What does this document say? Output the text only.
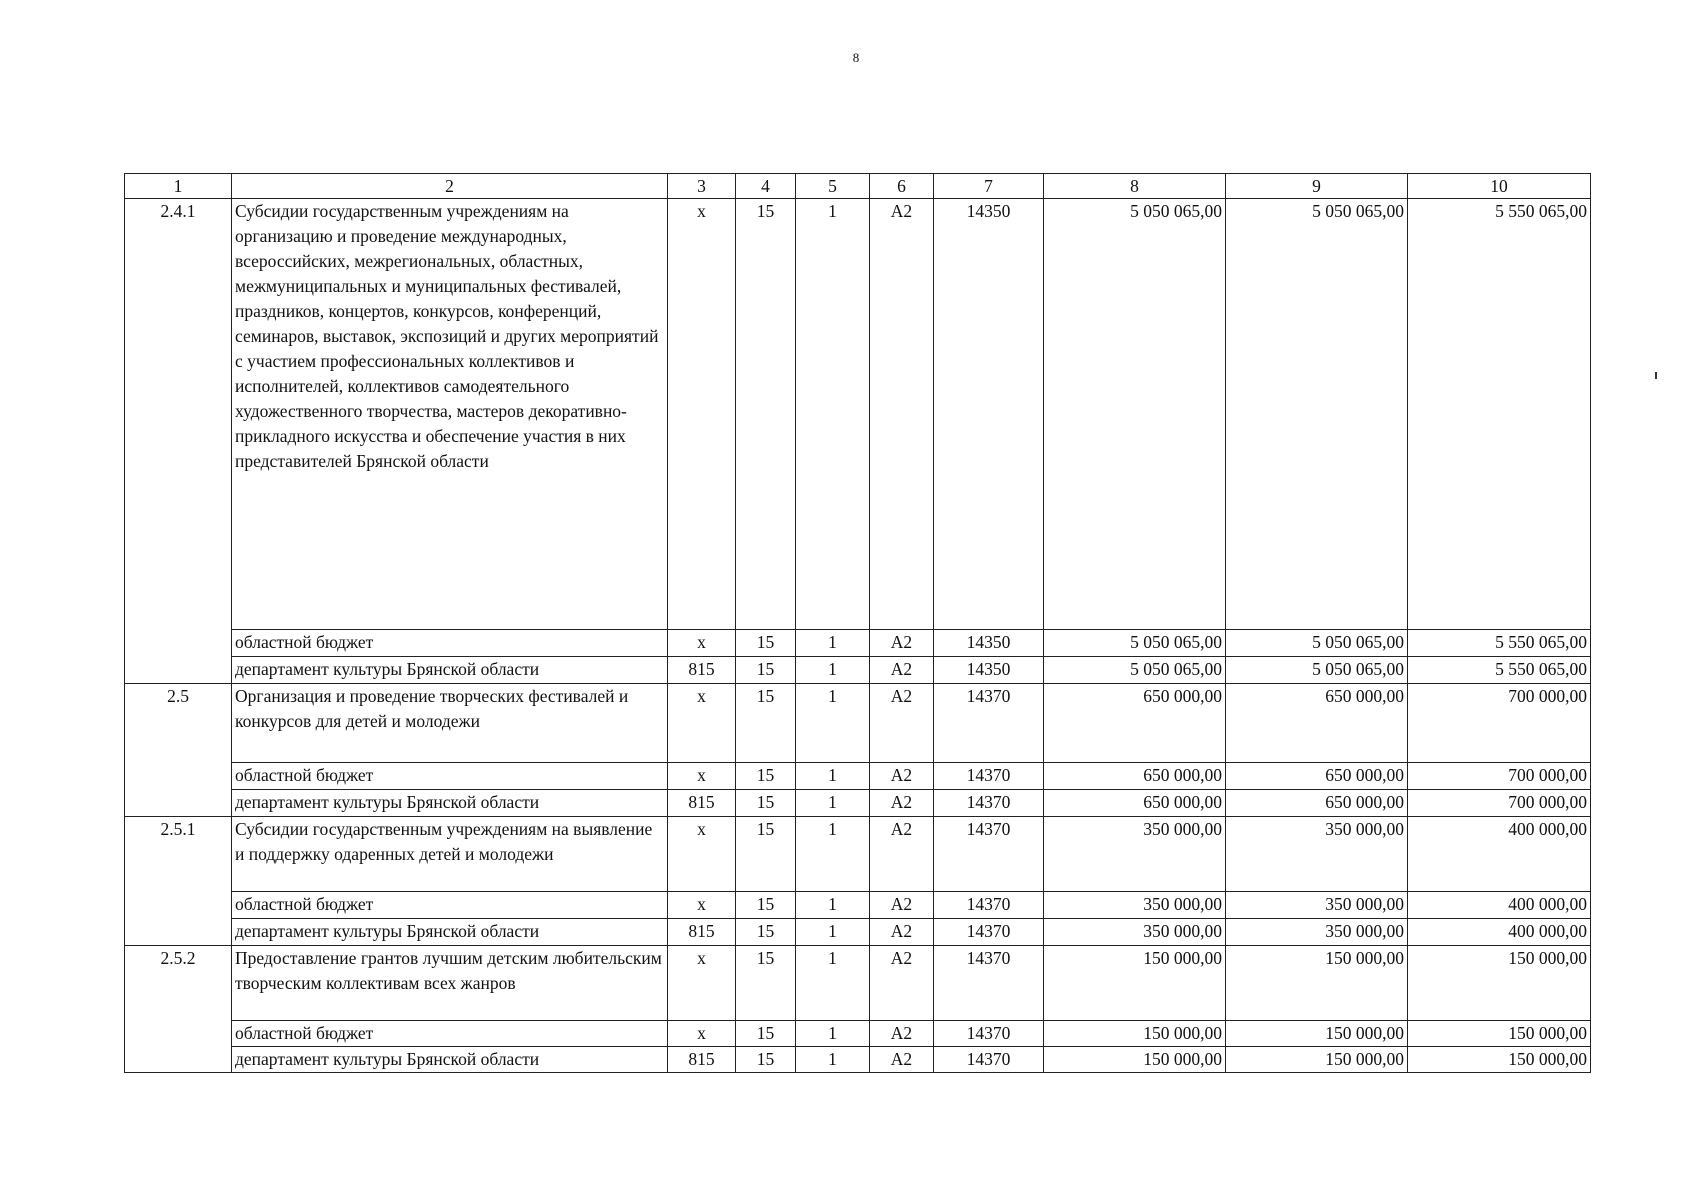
8
1	2	3	4	5	6	7	8	9	10
2.4.1	Субсидии государственным учреждениям на организацию и проведение международных, всероссийских, межрегиональных, областных, межмуниципальных и муниципальных фестивалей, праздников, концертов, конкурсов, конференций, семинаров, выставок, экспозиций и других мероприятий с участием профессиональных коллективов и исполнителей, коллективов самодеятельного художественного творчества, мастеров декоративно-прикладного искусства и обеспечение участия в них представителей Брянской области	х	15	1	А2	14350	5 050 065,00	5 050 065,00	5 550 065,00
	областной бюджет	х	15	1	А2	14350	5 050 065,00	5 050 065,00	5 550 065,00
	департамент культуры Брянской области	815	15	1	А2	14350	5 050 065,00	5 050 065,00	5 550 065,00
2.5	Организация и проведение творческих фестивалей и конкурсов для детей и молодежи	х	15	1	А2	14370	650 000,00	650 000,00	700 000,00
	областной бюджет	х	15	1	А2	14370	650 000,00	650 000,00	700 000,00
	департамент культуры Брянской области	815	15	1	А2	14370	650 000,00	650 000,00	700 000,00
2.5.1	Субсидии государственным учреждениям на выявление и поддержку одаренных детей и молодежи	х	15	1	А2	14370	350 000,00	350 000,00	400 000,00
	областной бюджет	х	15	1	А2	14370	350 000,00	350 000,00	400 000,00
	департамент культуры Брянской области	815	15	1	А2	14370	350 000,00	350 000,00	400 000,00
2.5.2	Предоставление грантов лучшим детским любительским творческим коллективам всех жанров	х	15	1	А2	14370	150 000,00	150 000,00	150 000,00
	областной бюджет	х	15	1	А2	14370	150 000,00	150 000,00	150 000,00
	департамент культуры Брянской области	815	15	1	А2	14370	150 000,00	150 000,00	150 000,00
